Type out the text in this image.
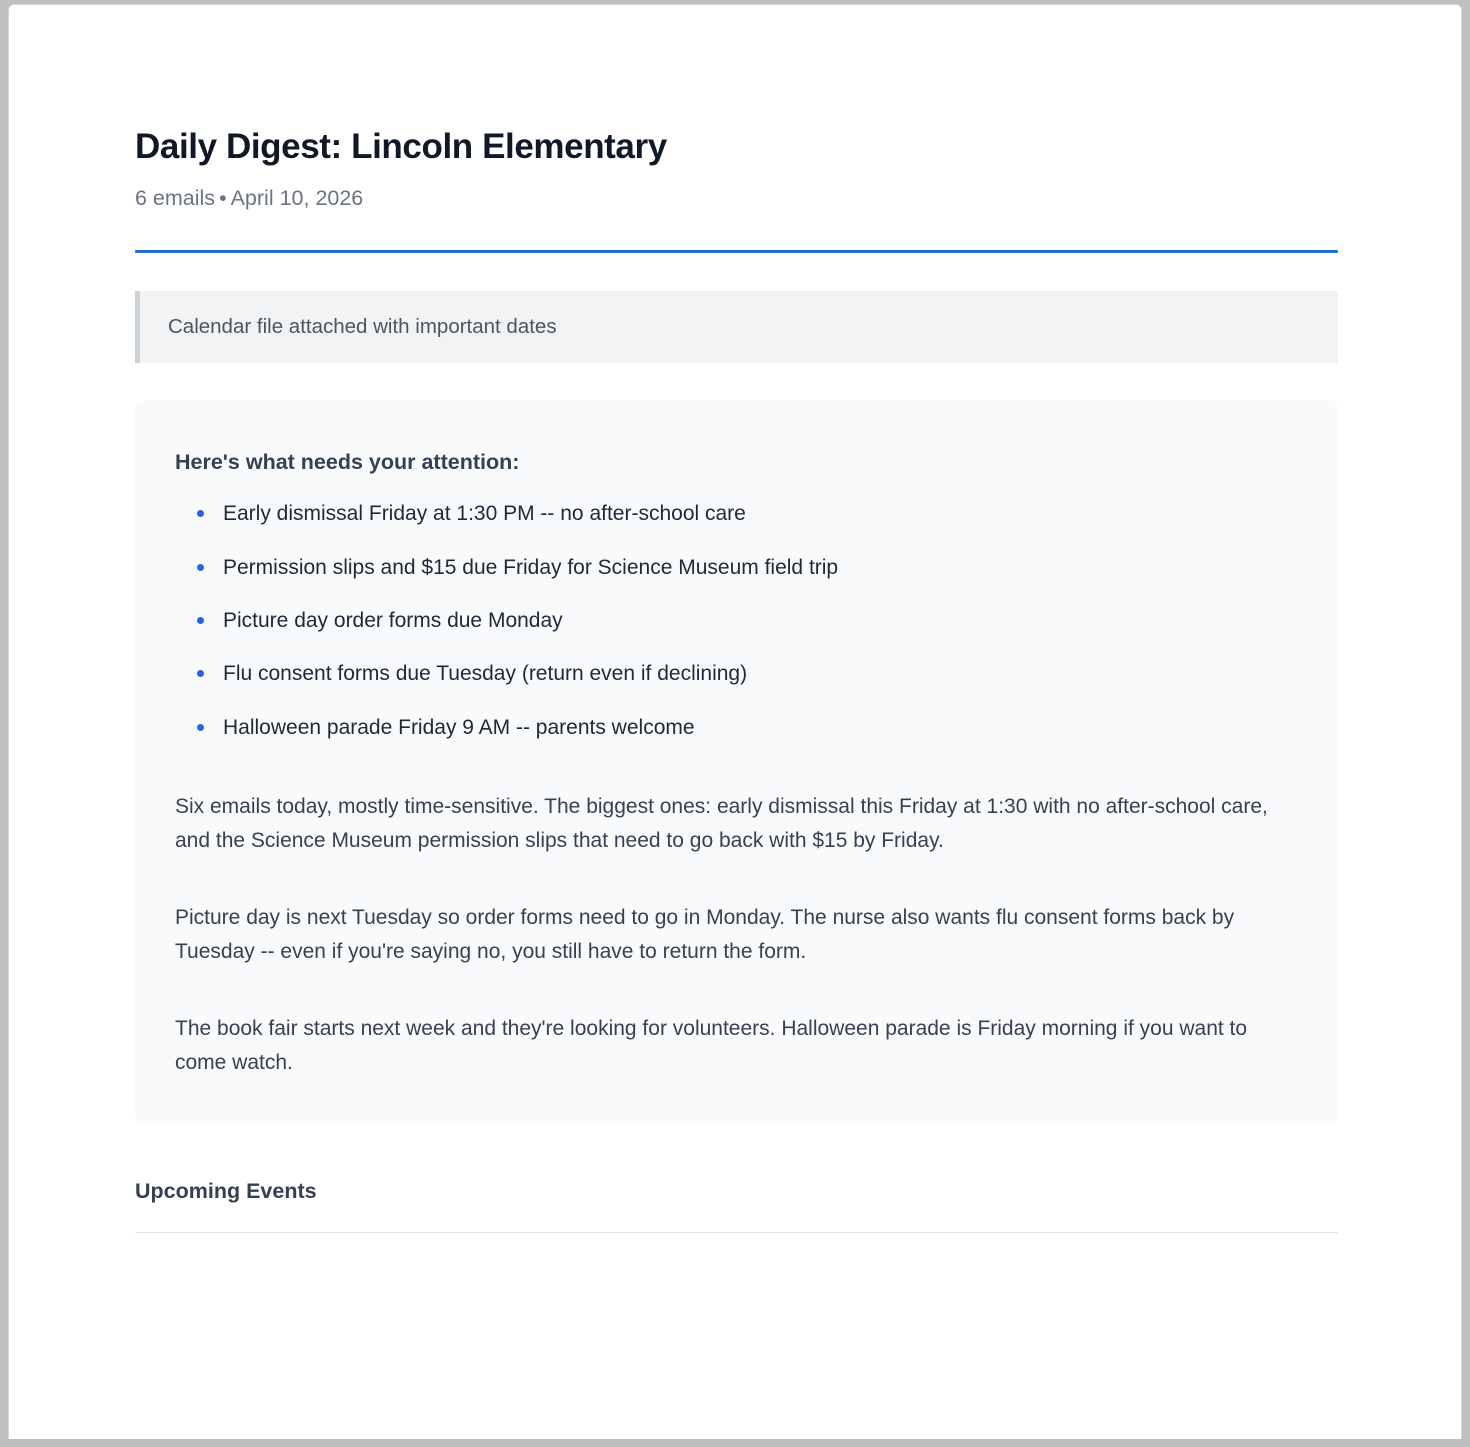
Daily Digest: Lincoln Elementary

6 emails • April 10, 2026

Calendar file attached with important dates

Here's what needs your attention:

Early dismissal Friday at 1:30 PM -- no after-school care
Permission slips and $15 due Friday for Science Museum field trip
Picture day order forms due Monday
Flu consent forms due Tuesday (return even if declining)
Halloween parade Friday 9 AM -- parents welcome

Six emails today, mostly time-sensitive. The biggest ones: early dismissal this Friday at 1:30 with no after-school care, and the Science Museum permission slips that need to go back with $15 by Friday.

Picture day is next Tuesday so order forms need to go in Monday. The nurse also wants flu consent forms back by Tuesday -- even if you're saying no, you still have to return the form.

The book fair starts next week and they're looking for volunteers. Halloween parade is Friday morning if you want to come watch.

Upcoming Events
